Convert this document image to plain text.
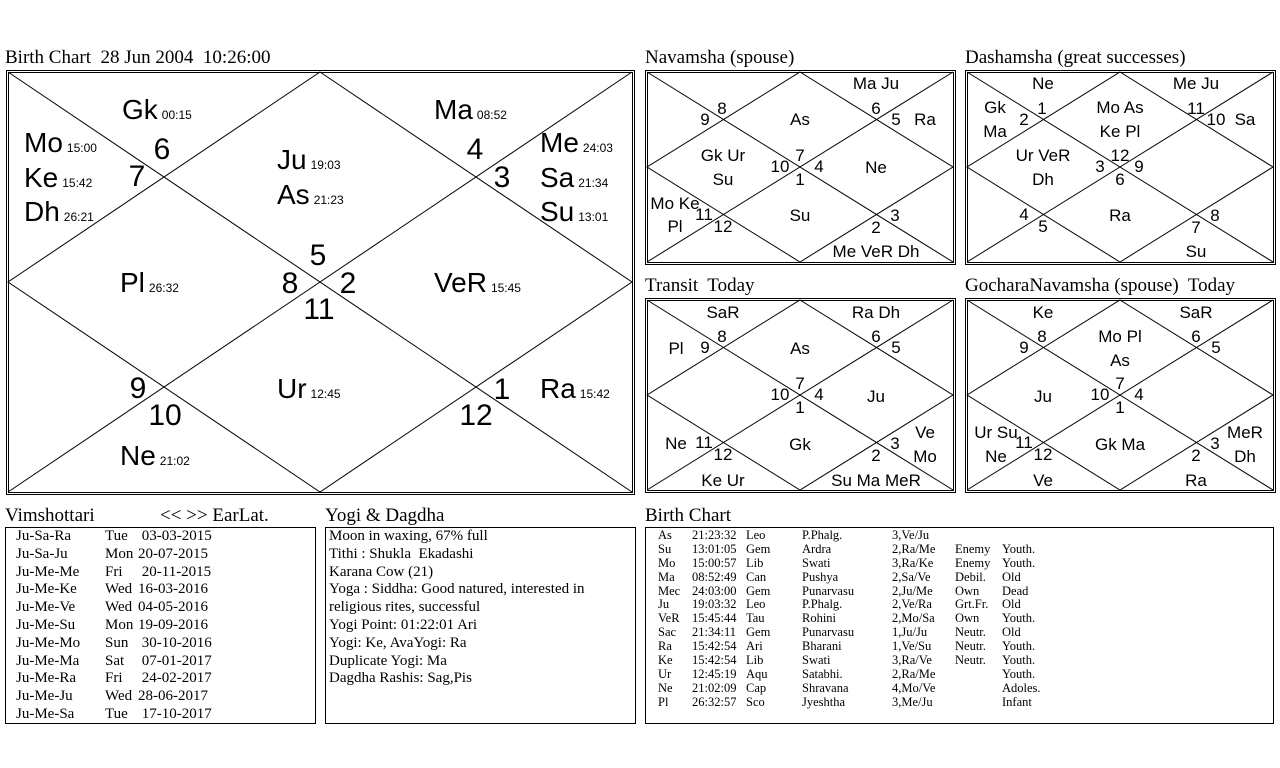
Birth Chart  28 Jun 2004  10:26:00
6
7
4
3
5
8 2
11
9
10
1
12
Gk 00:15	Ma 08:52
Mo 15:00
Ke 15:42
Dh 26:21
Ju 19:03
As 21:23
Me 24:03
Sa 21:34
Su 13:01
Pl 26:32	VeR 15:45
Ur 12:45	Ra 15:42
Ne 21:02
Navamsha (spouse)	Dashamsha (great successes)
Transit  Today	GocharaNavamsha (spouse)  Today
9
8	6
5
7
10 4
1
11
12	2
3
Ma Ju
As	Ra
Gk Ur
Su
Ne
Mo Ke
Pl
Su
Me VeR Dh
2
1	11
10
12
3 9
6
4
5	7
8
Ne	Me Ju
Gk
Ma
Mo As
Ke Pl
Sa
Ur VeR
Dh
Ra
Su
9
8	6
5
7
10 4
1
11
12	2
3
SaR	Ra Dh
Pl	As
Ju
Ne	Gk
Ve
Mo
Ke Ur	Su Ma MeR
9
8	6
5
7
10 4
1
11
12	2
3
Ke	SaR
Mo Pl
As
Ju
Ur Su
Ne
Gk Ma
MeR
Dh
Ve	Ra
Vimshottari	<< >> EarLat.
Ju-Sa-Ra Tue 03-03-2015
Ju-Sa-Ju Mon 20-07-2015
Ju-Me-Me Fri 20-11-2015
Ju-Me-Ke Wed 16-03-2016
Ju-Me-Ve Wed 04-05-2016
Ju-Me-Su Mon 19-09-2016
Ju-Me-Mo Sun 30-10-2016
Ju-Me-Ma Sat 07-01-2017
Ju-Me-Ra Fri 24-02-2017
Ju-Me-Ju Wed 28-06-2017
Ju-Me-Sa Tue 17-10-2017
Yogi & Dagdha
Moon in waxing, 67% full
Tithi : Shukla  Ekadashi
Karana Cow (21)
Yoga : Siddha: Good natured, interested in
religious rites, successful
Yogi Point: 01:22:01 Ari
Yogi: Ke, AvaYogi: Ra
Duplicate Yogi: Ma
Dagdha Rashis: Sag,Pis
Birth Chart
As 21:23:32 Leo	P.Phalg.	3,Ve/Ju
Su 13:01:05 Gem	Ardra	2,Ra/Me Enemy Youth.
Mo 15:00:57 Lib	Swati	3,Ra/Ke Enemy Youth.
Ma 08:52:49 Can	Pushya	2,Sa/Ve Debil. Old
Mec 24:03:00 Gem	Punarvasu	2,Ju/Me Own Dead
Ju 19:03:32 Leo	P.Phalg.	2,Ve/Ra Grt.Fr. Old
VeR 15:45:44 Tau	Rohini	2,Mo/Sa Own Youth.
Sac 21:34:11 Gem	Punarvasu	1,Ju/Ju Neutr. Old
Ra 15:42:54 Ari	Bharani	1,Ve/Su Neutr. Youth.
Ke 15:42:54 Lib	Swati	3,Ra/Ve Neutr. Youth.
Ur 12:45:19 Aqu	Satabhi.	2,Ra/Me	Youth.
Ne 21:02:09 Cap	Shravana	4,Mo/Ve	Adoles.
Pl 26:32:57 Sco	Jyeshtha	3,Me/Ju	Infant
